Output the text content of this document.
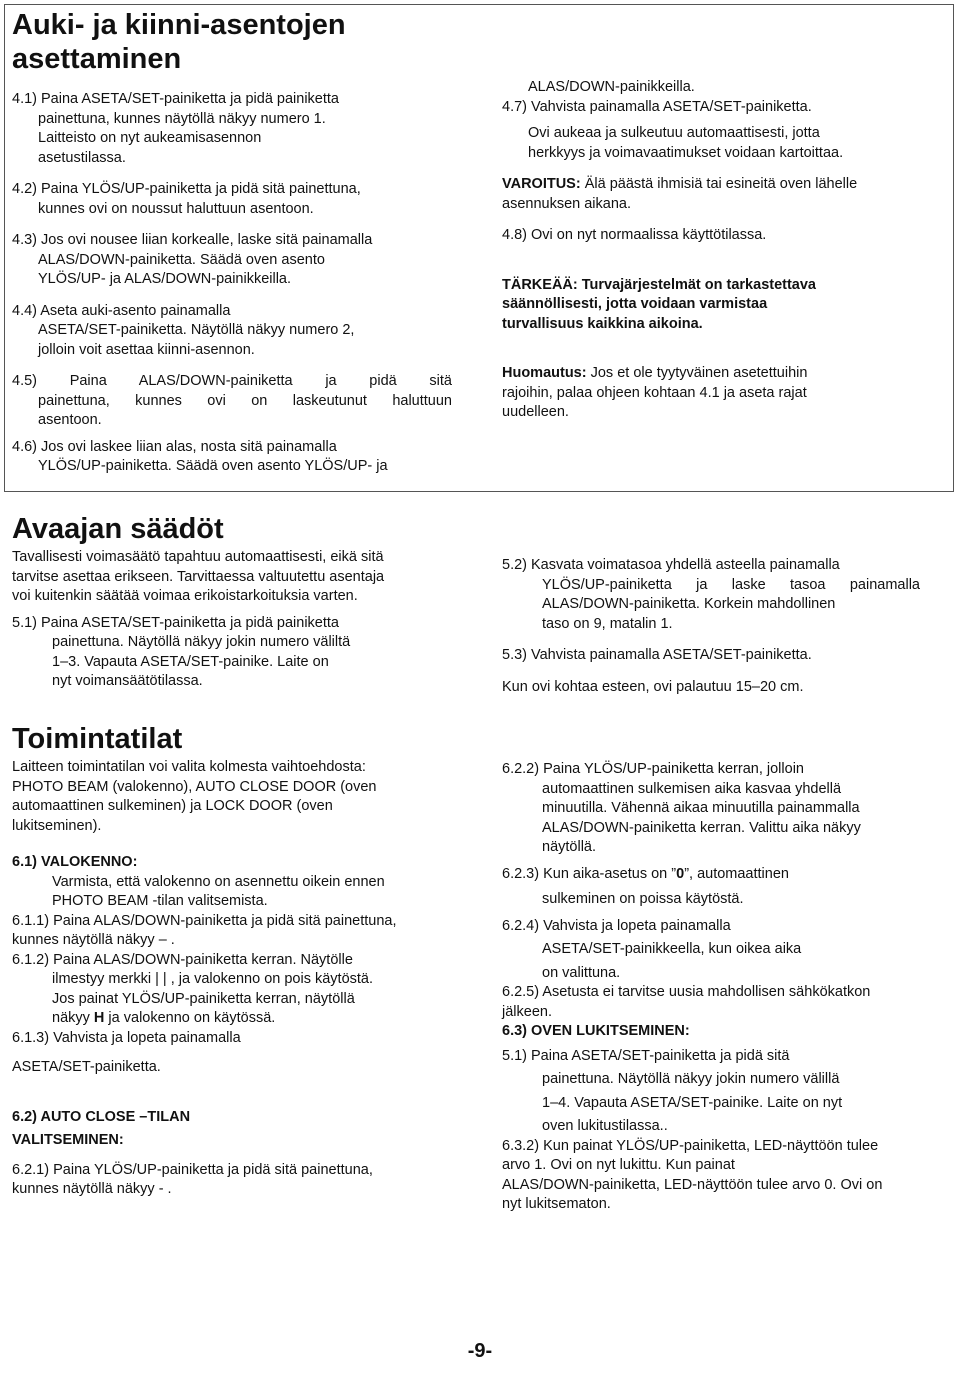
Auki- ja kiinni-asentojen asettaminen

4.1) Paina ASETA/SET-painiketta ja pidä painiketta

painettuna, kunnes näytöllä näkyy numero 1.

Laitteisto on nyt aukeamisasennon

asetustilassa.

4.2) Paina YLÖS/UP-painiketta ja pidä sitä painettuna,

kunnes ovi on noussut haluttuun asentoon.

4.3) Jos ovi nousee liian korkealle, laske sitä painamalla

ALAS/DOWN-painiketta. Säädä oven asento

YLÖS/UP- ja ALAS/DOWN-painikkeilla.

4.4) Aseta auki-asento painamalla

ASETA/SET-painiketta. Näytöllä näkyy numero 2,

jolloin voit asettaa kiinni-asennon.

4.5) Paina ALAS/DOWN-painiketta ja pidä sitä

painettuna, kunnes ovi on laskeutunut haluttuun

asentoon.

4.6) Jos ovi laskee liian alas, nosta sitä painamalla

YLÖS/UP-painiketta. Säädä oven asento YLÖS/UP- ja

ALAS/DOWN-painikkeilla.

4.7) Vahvista painamalla ASETA/SET-painiketta.

Ovi aukeaa ja sulkeutuu automaattisesti, jotta

herkkyys ja voimavaatimukset voidaan kartoittaa.

VAROITUS: Älä päästä ihmisiä tai esineitä oven lähelle

asennuksen aikana.

4.8) Ovi on nyt normaalissa käyttötilassa.

TÄRKEÄÄ: Turvajärjestelmät on tarkastettava

säännöllisesti, jotta voidaan varmistaa

turvallisuus kaikkina aikoina.

Huomautus: Jos et ole tyytyväinen asetettuihin

rajoihin, palaa ohjeen kohtaan 4.1 ja aseta rajat

uudelleen.

Avaajan säädöt

Tavallisesti voimasäätö tapahtuu automaattisesti, eikä sitä

tarvitse asettaa erikseen. Tarvittaessa valtuutettu asentaja

voi kuitenkin säätää voimaa erikoistarkoituksia varten.

5.1) Paina ASETA/SET-painiketta ja pidä painiketta

painettuna. Näytöllä näkyy jokin numero väliltä

1–3. Vapauta ASETA/SET-painike. Laite on

nyt voimansäätötilassa.

5.2) Kasvata voimatasoa yhdellä asteella painamalla

YLÖS/UP-painiketta ja laske tasoa painamalla

ALAS/DOWN-painiketta. Korkein mahdollinen

taso on 9, matalin 1.

5.3) Vahvista painamalla ASETA/SET-painiketta.

Kun ovi kohtaa esteen, ovi palautuu 15–20 cm.

Toimintatilat

Laitteen toimintatilan voi valita kolmesta vaihtoehdosta:

PHOTO BEAM (valokenno), AUTO CLOSE DOOR (oven

automaattinen sulkeminen) ja LOCK DOOR (oven

lukitseminen).

6.1) VALOKENNO:

Varmista, että valokenno on asennettu oikein ennen

PHOTO BEAM -tilan valitsemista.

6.1.1) Paina ALAS/DOWN-painiketta ja pidä sitä painettuna,

kunnes näytöllä näkyy – .

6.1.2) Paina ALAS/DOWN-painiketta kerran. Näytölle

ilmestyy merkki | | , ja valokenno on pois käytöstä.

Jos painat YLÖS/UP-painiketta kerran, näytöllä

näkyy H ja valokenno on käytössä.

6.1.3) Vahvista ja lopeta painamalla

ASETA/SET-painiketta.

6.2) AUTO CLOSE –TILAN

VALITSEMINEN:

6.2.1) Paina YLÖS/UP-painiketta ja pidä sitä painettuna,

kunnes näytöllä näkyy - .

6.2.2) Paina YLÖS/UP-painiketta kerran, jolloin

automaattinen sulkemisen aika kasvaa yhdellä

minuutilla. Vähennä aikaa minuutilla painammalla

ALAS/DOWN-painiketta kerran. Valittu aika näkyy

näytöllä.

6.2.3) Kun aika-asetus on ”0”, automaattinen

sulkeminen on poissa käytöstä.

6.2.4) Vahvista ja lopeta painamalla

ASETA/SET-painikkeella, kun oikea aika

on valittuna.

6.2.5) Asetusta ei tarvitse uusia mahdollisen sähkökatkon

jälkeen.

6.3) OVEN LUKITSEMINEN:

5.1) Paina ASETA/SET-painiketta ja pidä sitä

painettuna. Näytöllä näkyy jokin numero välillä

1–4. Vapauta ASETA/SET-painike. Laite on nyt

oven lukitustilassa..

6.3.2) Kun painat YLÖS/UP-painiketta, LED-näyttöön tulee

arvo 1. Ovi on nyt lukittu. Kun painat

ALAS/DOWN-painiketta, LED-näyttöön tulee arvo 0. Ovi on

nyt lukitsematon.

-9-
